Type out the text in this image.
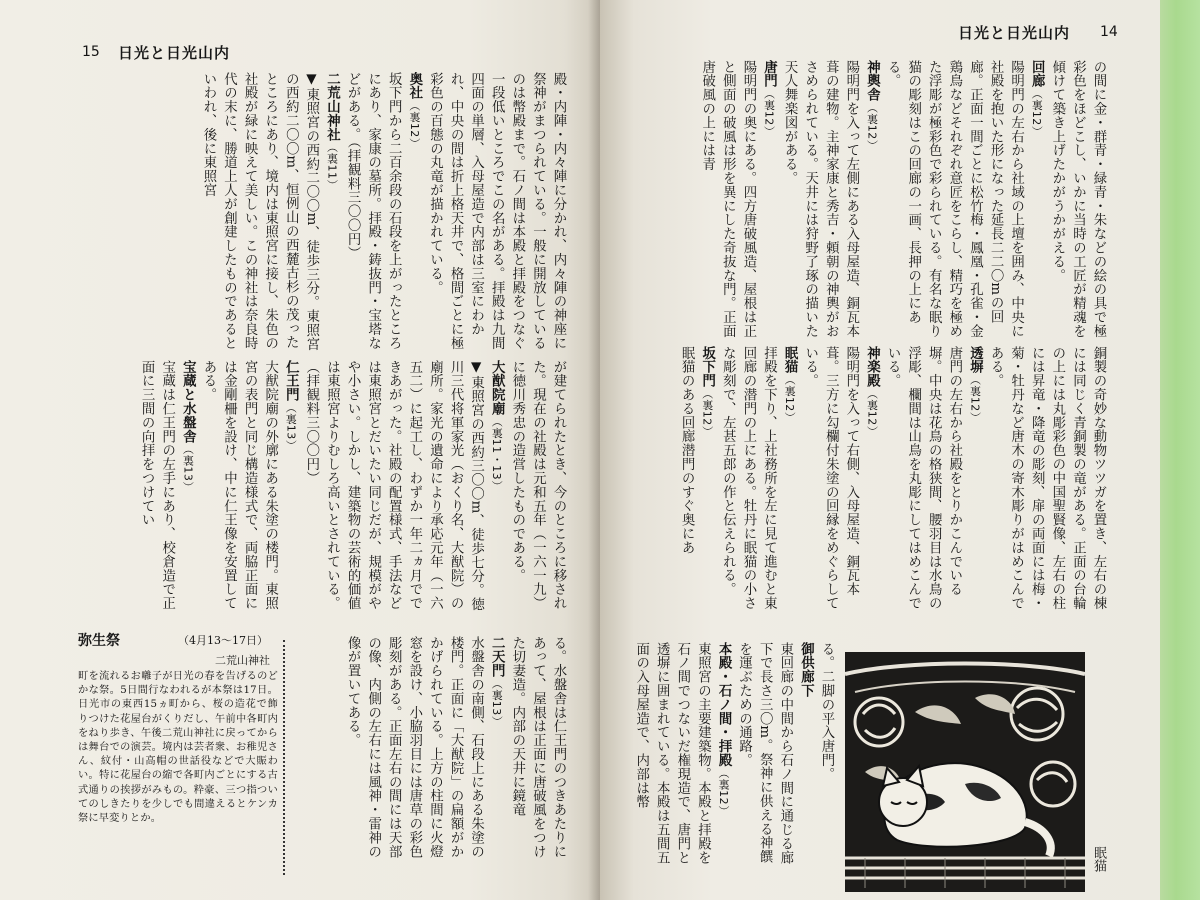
15 日光と日光山内

殿・内陣・内々陣に分かれ、内々陣の神座に祭神がまつられている。一般に開放しているのは幣殿まで。石ノ間は本殿と拝殿をつなぐ一段低いところでこの名がある。拝殿は九間四面の単層、入母屋造で内部は三室にわかれ、中央の間は折上格天井で、格間ごとに極彩色の百態の丸竜が描かれている。

奥社（裏12）

坂下門から二百余段の石段を上がったところにあり、家康の墓所。拝殿・鋳抜門・宝塔などがある。（拝観料三〇〇円）

二荒山神社（裏11）

▼東照宮の西約二〇〇m、徒歩三分。東照宮の西約二〇〇m、恒例山の西麓古杉の茂ったところにあり、境内は東照宮に接し、朱色の社殿が緑に映えて美しい。この神社は奈良時代の末に、勝道上人が創建したものであるといわれ、後に東照宮

が建てられたとき、今のところに移された。現在の社殿は元和五年（一六一九）に徳川秀忠の造営したものである。

大猷院廟（裏11・13）

▼東照宮の西約三〇〇m、徒歩七分。徳川三代将軍家光（おくり名、大猷院）の廟所。家光の遺命により承応元年（一六五二）に起工し、わずか一年二ヵ月でできあがった。社殿の配置様式、手法などは東照宮とだいたい同じだが、規模がやや小さい。しかし、建築物の芸術的価値は東照宮よりむしろ高いとされている。（拝観料三〇〇円）

仁王門（裏13）

大猷院廟の外廓にある朱塗の楼門。東照宮の表門と同じ構造様式で、両脇正面には金剛柵を設け、中に仁王像を安置してある。

宝蔵と水盤舎（裏13）

宝蔵は仁王門の左手にあり、校倉造で正面に三間の向拝をつけてい

る。水盤舎は仁王門のつきあたりにあって、屋根は正面に唐破風をつけた切妻造。内部の天井に鏡竜

二天門（裏13）

水盤舎の南側、石段上にある朱塗の楼門。正面に「大猷院」の扁額がかかげられている。上方の柱間に火燈窓を設け、小脇羽目には唐草の彩色彫刻がある。正面左右の間には天部の像、内側の左右には風神・雷神の像が置いてある。

弥生祭	（4月13〜17日）
二荒山神社
町を流れるお囃子が日光の春を告げるのどかな祭。5日間行なわれるが本祭は17日。日光市の東西15ヵ町から、桜の造花で飾りつけた花屋台がくりだし、午前中各町内をねり歩き、午後二荒山神社に戻ってからは舞台での演芸。境内は芸者衆、お稚児さん、紋付・山高帽の世話役などで大賑わい。特に花屋台の縮で各町内ごとにする古式通りの挨拶がみもの。粋豪、三つ指ついてのしきたりを少しでも間違えるとケンカ祭に早変りとか。
日光と日光山内 14

の間に金・群青・緑青・朱などの絵の具で極彩色をほどこし、いかに当時の工匠が精魂を傾けて築き上げたかがうかがえる。

回廊（裏12）

陽明門の左右から社域の上壇を囲み、中央に社殿を抱いた形になった延長二二〇mの回廊。正面一間ごとに松竹梅・鳳凰・孔雀・金鶏鳥などそれぞれ意匠をこらし、精巧を極めた浮彫が極彩色で彩られている。有名な眠り猫の彫刻はこの回廊の一画、長押の上にある。

神輿舎（裏12）

陽明門を入って左側にある入母屋造、銅瓦本葺の建物。主神家康と秀吉・頼朝の神輿がおさめられている。天井には狩野了琢の描いた天人舞楽図がある。

唐門（裏12）

陽明門の奥にある。四方唐破風造、屋根は正と側面の破風は形を異にした奇抜な門。正面唐破風の上には青

銅製の奇妙な動物ツツガを置き、左右の棟には同じく青銅製の竜がある。正面の台輪の上には丸彫彩色の中国聖賢像、左右の柱には昇竜・降竜の彫刻、扉の両面には梅・菊・牡丹など唐木の寄木彫りがはめこんである。

透塀（裏12）

唐門の左右から社殿をとりかこんでいる塀。中央は花鳥の格狭間、腰羽目は水鳥の浮彫、欄間は山鳥を丸彫にしてはめこんでいる。

神楽殿（裏12）

陽明門を入って右側、入母屋造、銅瓦本葺。三方に勾欄付朱塗の回縁をめぐらしている。

眠猫（裏12）

拝殿を下り、上社務所を左に見て進むと東回廊の潜門の上にある。牡丹に眠猫の小さな彫刻で、左甚五郎の作と伝えられる。

坂下門（裏12）

眠猫のある回廊潜門のすぐ奥にあ

る。二脚の平入唐門。

御供廊下

東回廊の中間から石ノ間に通じる廊下で長さ三〇m。祭神に供える神饌を運ぶための通路。

本殿・石ノ間・拝殿（裏12）

東照宮の主要建築物。本殿と拝殿を石ノ間でつないだ権現造で、唐門と透塀に囲まれている。本殿は五間五面の入母屋造で、内部は幣

眠猫
